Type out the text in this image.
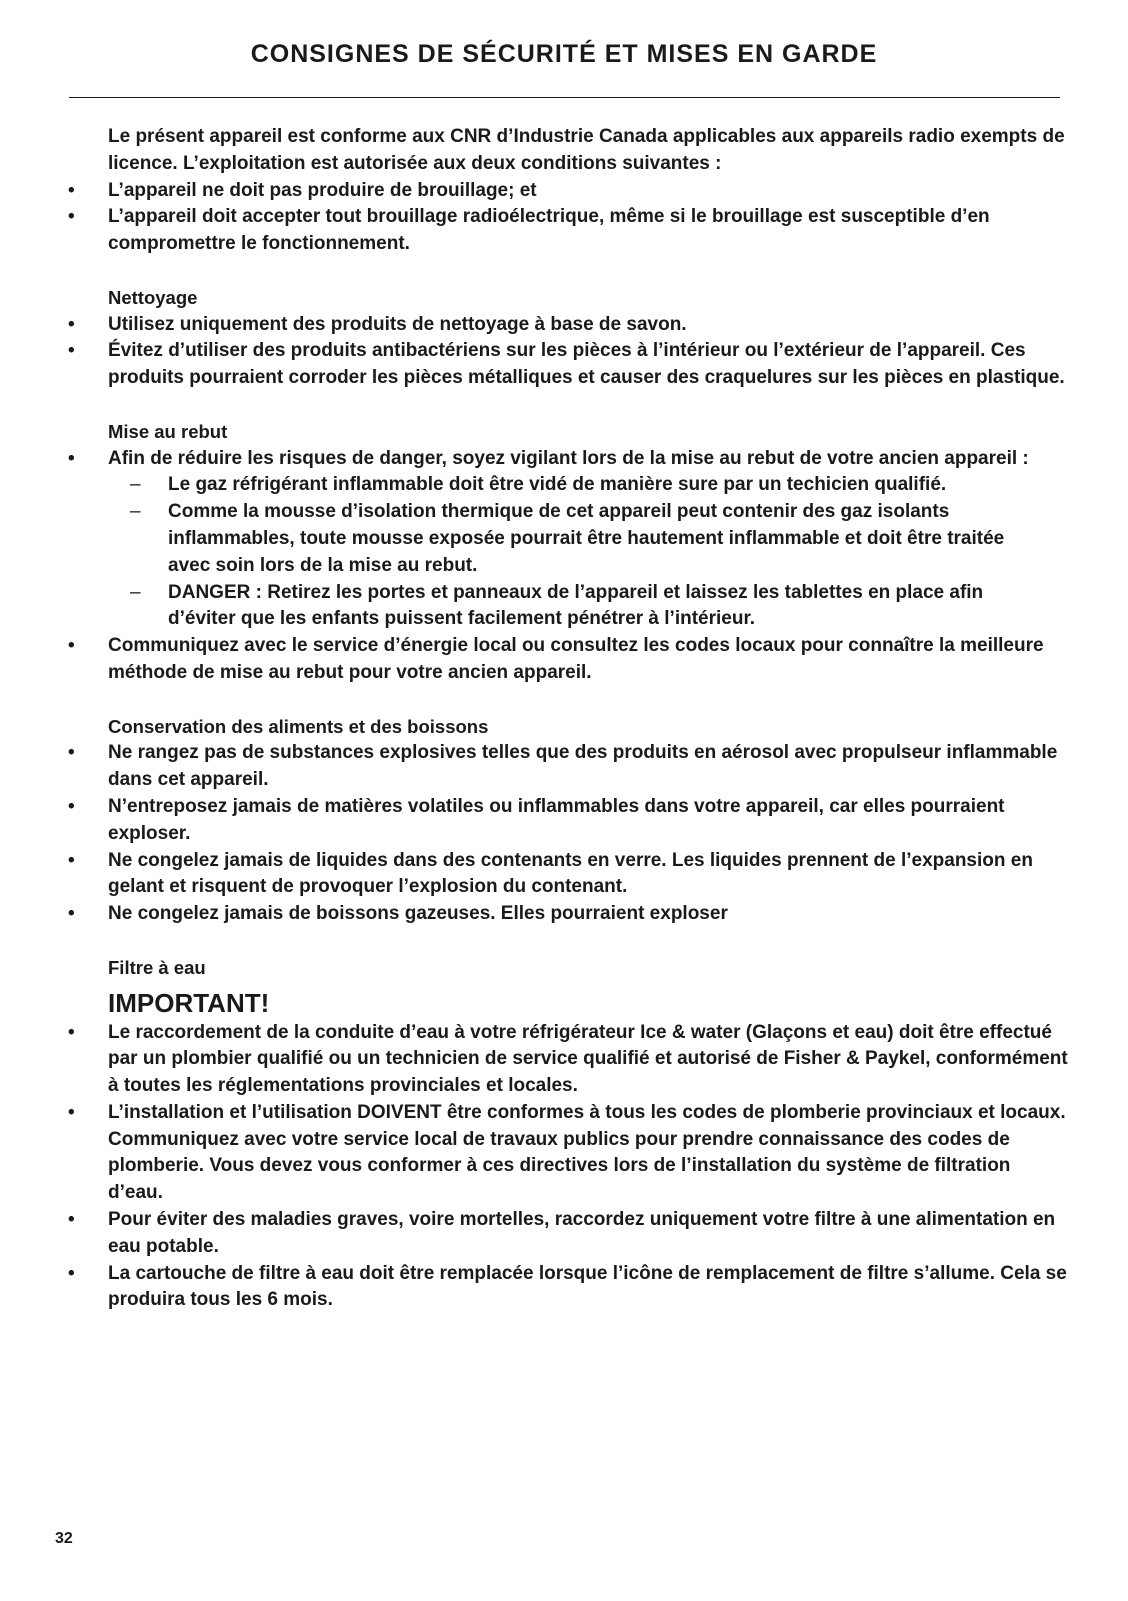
CONSIGNES DE SÉCURITÉ ET MISES EN GARDE

Le présent appareil est conforme aux CNR d’Industrie Canada applicables aux appareils radio exempts de licence. L’exploitation est autorisée aux deux conditions suivantes :

• L’appareil ne doit pas produire de brouillage; et
• L’appareil doit accepter tout brouillage radioélectrique, même si le brouillage est susceptible d’en compromettre le fonctionnement.
Nettoyage
• Utilisez uniquement des produits de nettoyage à base de savon.
• Évitez d’utiliser des produits antibactériens sur les pièces à l’intérieur ou l’extérieur de l’appareil. Ces produits pourraient corroder les pièces métalliques et causer des craquelures sur les pièces en plastique.
Mise au rebut
• Afin de réduire les risques de danger, soyez vigilant lors de la mise au rebut de votre ancien appareil :
– Le gaz réfrigérant inflammable doit être vidé de manière sure par un techicien qualifié.
– Comme la mousse d’isolation thermique de cet appareil peut contenir des gaz isolants inflammables, toute mousse exposée pourrait être hautement inflammable et doit être traitée avec soin lors de la mise au rebut.
– DANGER : Retirez les portes et panneaux de l’appareil et laissez les tablettes en place afin d’éviter que les enfants puissent facilement pénétrer à l’intérieur.
• Communiquez avec le service d’énergie local ou consultez les codes locaux pour connaître la meilleure méthode de mise au rebut pour votre ancien appareil.
Conservation des aliments et des boissons
• Ne rangez pas de substances explosives telles que des produits en aérosol avec propulseur inflammable dans cet appareil.
• N’entreposez jamais de matières volatiles ou inflammables dans votre appareil, car elles pourraient exploser.
• Ne congelez jamais de liquides dans des contenants en verre. Les liquides prennent de l’expansion en gelant et risquent de provoquer l’explosion du contenant.
• Ne congelez jamais de boissons gazeuses. Elles pourraient exploser
Filtre à eau
IMPORTANT!
• Le raccordement de la conduite d’eau à votre réfrigérateur Ice & water (Glaçons et eau) doit être effectué par un plombier qualifié ou un technicien de service qualifié et autorisé de Fisher & Paykel, conformément à toutes les réglementations provinciales et locales.
• L’installation et l’utilisation DOIVENT être conformes à tous les codes de plomberie provinciaux et locaux. Communiquez avec votre service local de travaux publics pour prendre connaissance des codes de plomberie. Vous devez vous conformer à ces directives lors de l’installation du système de filtration d’eau.
• Pour éviter des maladies graves, voire mortelles, raccordez uniquement votre filtre à une alimentation en eau potable.
• La cartouche de filtre à eau doit être remplacée lorsque l’icône de remplacement de filtre s’allume. Cela se produira tous les 6 mois.
32
